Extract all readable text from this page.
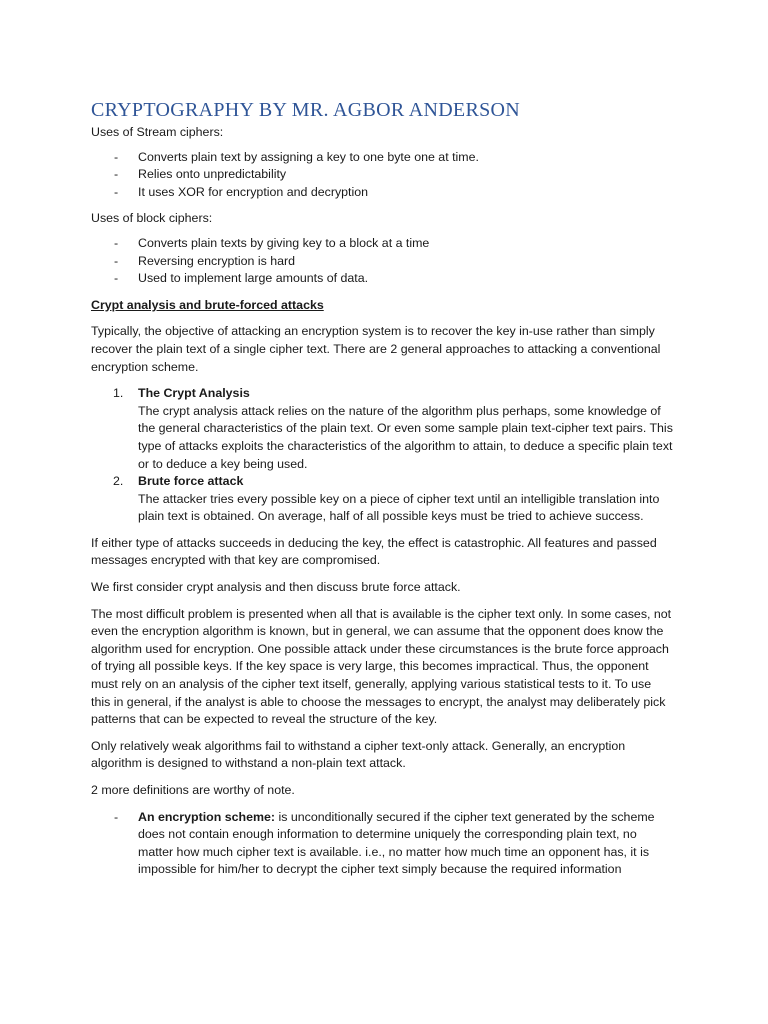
CRYPTOGRAPHY BY MR. AGBOR ANDERSON

Uses of Stream ciphers:

- Converts plain text by assigning a key to one byte one at time.
- Relies onto unpredictability
- It uses XOR for encryption and decryption

Uses of block ciphers:

- Converts plain texts by giving key to a block at a time
- Reversing encryption is hard
- Used to implement large amounts of data.

Crypt analysis and brute-forced attacks

Typically, the objective of attacking an encryption system is to recover the key in-use rather than simply recover the plain text of a single cipher text. There are 2 general approaches to attacking a conventional encryption scheme.

1. The Crypt Analysis
The crypt analysis attack relies on the nature of the algorithm plus perhaps, some knowledge of the general characteristics of the plain text. Or even some sample plain text-cipher text pairs. This type of attacks exploits the characteristics of the algorithm to attain, to deduce a specific plain text or to deduce a key being used.
2. Brute force attack
The attacker tries every possible key on a piece of cipher text until an intelligible translation into plain text is obtained. On average, half of all possible keys must be tried to achieve success.

If either type of attacks succeeds in deducing the key, the effect is catastrophic. All features and passed messages encrypted with that key are compromised.

We first consider crypt analysis and then discuss brute force attack.

The most difficult problem is presented when all that is available is the cipher text only. In some cases, not even the encryption algorithm is known, but in general, we can assume that the opponent does know the algorithm used for encryption. One possible attack under these circumstances is the brute force approach of trying all possible keys. If the key space is very large, this becomes impractical. Thus, the opponent must rely on an analysis of the cipher text itself, generally, applying various statistical tests to it. To use this in general, if the analyst is able to choose the messages to encrypt, the analyst may deliberately pick patterns that can be expected to reveal the structure of the key.

Only relatively weak algorithms fail to withstand a cipher text-only attack. Generally, an encryption algorithm is designed to withstand a non-plain text attack.

2 more definitions are worthy of note.

- An encryption scheme: is unconditionally secured if the cipher text generated by the scheme does not contain enough information to determine uniquely the corresponding plain text, no matter how much cipher text is available. i.e., no matter how much time an opponent has, it is impossible for him/her to decrypt the cipher text simply because the required information
